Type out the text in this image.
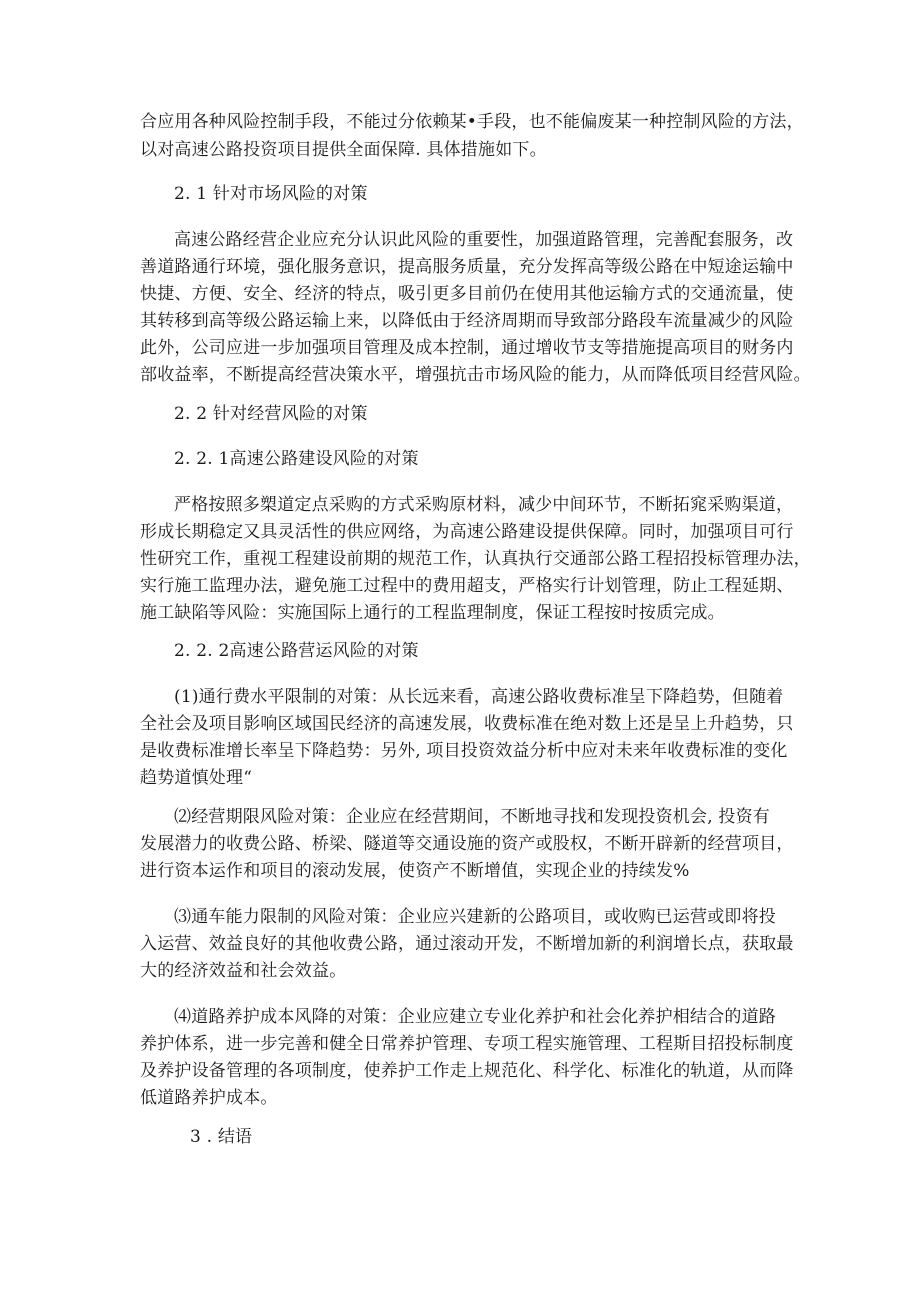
合应用各种风险控制手段，不能过分依赖某•手段，也不能偏废某一种控制风险的方法，
以对高速公路投资项目提供全面保障. 具体措施如下。
2. 1 针对市场风险的对策
高速公路经营企业应充分认识此风险的重要性，加强道路管理，完善配套服务，改
善道路通行环境，强化服务意识，提高服务质量，充分发挥高等级公路在中短途运输中
快捷、方便、安全、经济的特点，吸引更多目前仍在使用其他运输方式的交通流量，使
其转移到高等级公路运输上来，以降低由于经济周期而导致部分路段车流量减少的风险
此外，公司应进一步加强项目管理及成本控制，通过增收节支等措施提高项目的财务内
部收益率，不断提高经营决策水平，增强抗击市场风险的能力，从而降低项目经营风险。
2. 2 针对经营风险的对策
2. 2. 1高速公路建设风险的对策
严格按照多槊道定点采购的方式采购原材料，减少中间环节，不断拓窕采购渠道，
形成长期稳定又具灵活性的供应网络，为高速公路建设提供保障。同时，加强项目可行
性研究工作，重视工程建设前期的规范工作，认真执行交通部公路工程招投标管理办法，
实行施工监理办法，避免施工过程中的费用超支，严格实行计划管理，防止工程延期、
施工缺陷等风险：实施国际上通行的工程监理制度，保证工程按时按质完成。
2. 2. 2高速公路营运风险的对策
(1)通行费水平限制的对策：从长远来看，高速公路收费标准呈下降趋势，但随着
全社会及项目影响区域国民经济的高速发展，收费标准在绝对数上还是呈上升趋势，只
是收费标准增长率呈下降趋势：另外, 项目投资效益分析中应对未来年收费标准的变化
趋势道慎处理“
⑵经营期限风险对策：企业应在经营期间，不断地寻找和发现投资机会, 投资有
发展潜力的收费公路、桥梁、隧道等交通设施的资产或股权，不断开辟新的经营项目，
进行资本运作和项目的滚动发展，使资产不断增值，实现企业的持续发%
⑶通车能力限制的风险对策：企业应兴建新的公路项目，或收购已运营或即将投
入运营、效益良好的其他收费公路，通过滚动开发，不断增加新的利润增长点，获取最
大的经济效益和社会效益。
⑷道路养护成本风降的对策：企业应建立专业化养护和社会化养护相结合的道路
养护体系，进一步完善和健全日常养护管理、专项工程实施管理、工程斯目招投标制度
及养护设备管理的各项制度，使养护工作走上规范化、科学化、标准化的轨道，从而降
低道路养护成本。
3 . 结语
